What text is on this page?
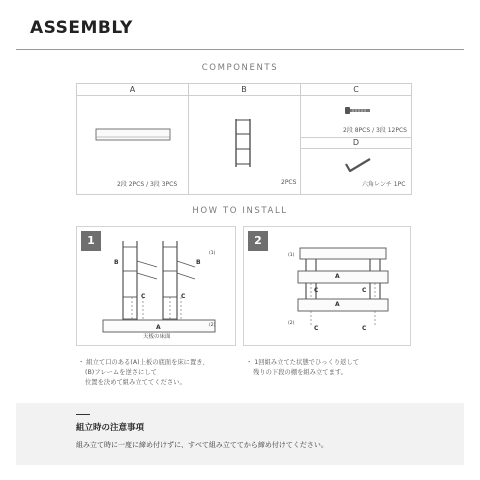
ASSEMBLY
COMPONENTS
A
2段 2PCS / 3段 3PCS
B
2PCS
C
2段 8PCS / 3段 12PCS
D
六角レンチ 1PC
HOW TO INSTALL
1
B	B
C	C
A
天板の床面
(1)
(2)
2
A
A
C	C
C	C
(1)
(2)
・ 組立て口のある(A)上板の底面を床に置き、
(B)フレームを逆さにして
位置を決めて組み立ててください。
・ 1回組み立てた状態でひっくり返して
残りの下段の棚を組み立てます。
組立時の注意事項
組み立て時に一度に締め付けずに、すべて組み立ててから締め付けてください。
